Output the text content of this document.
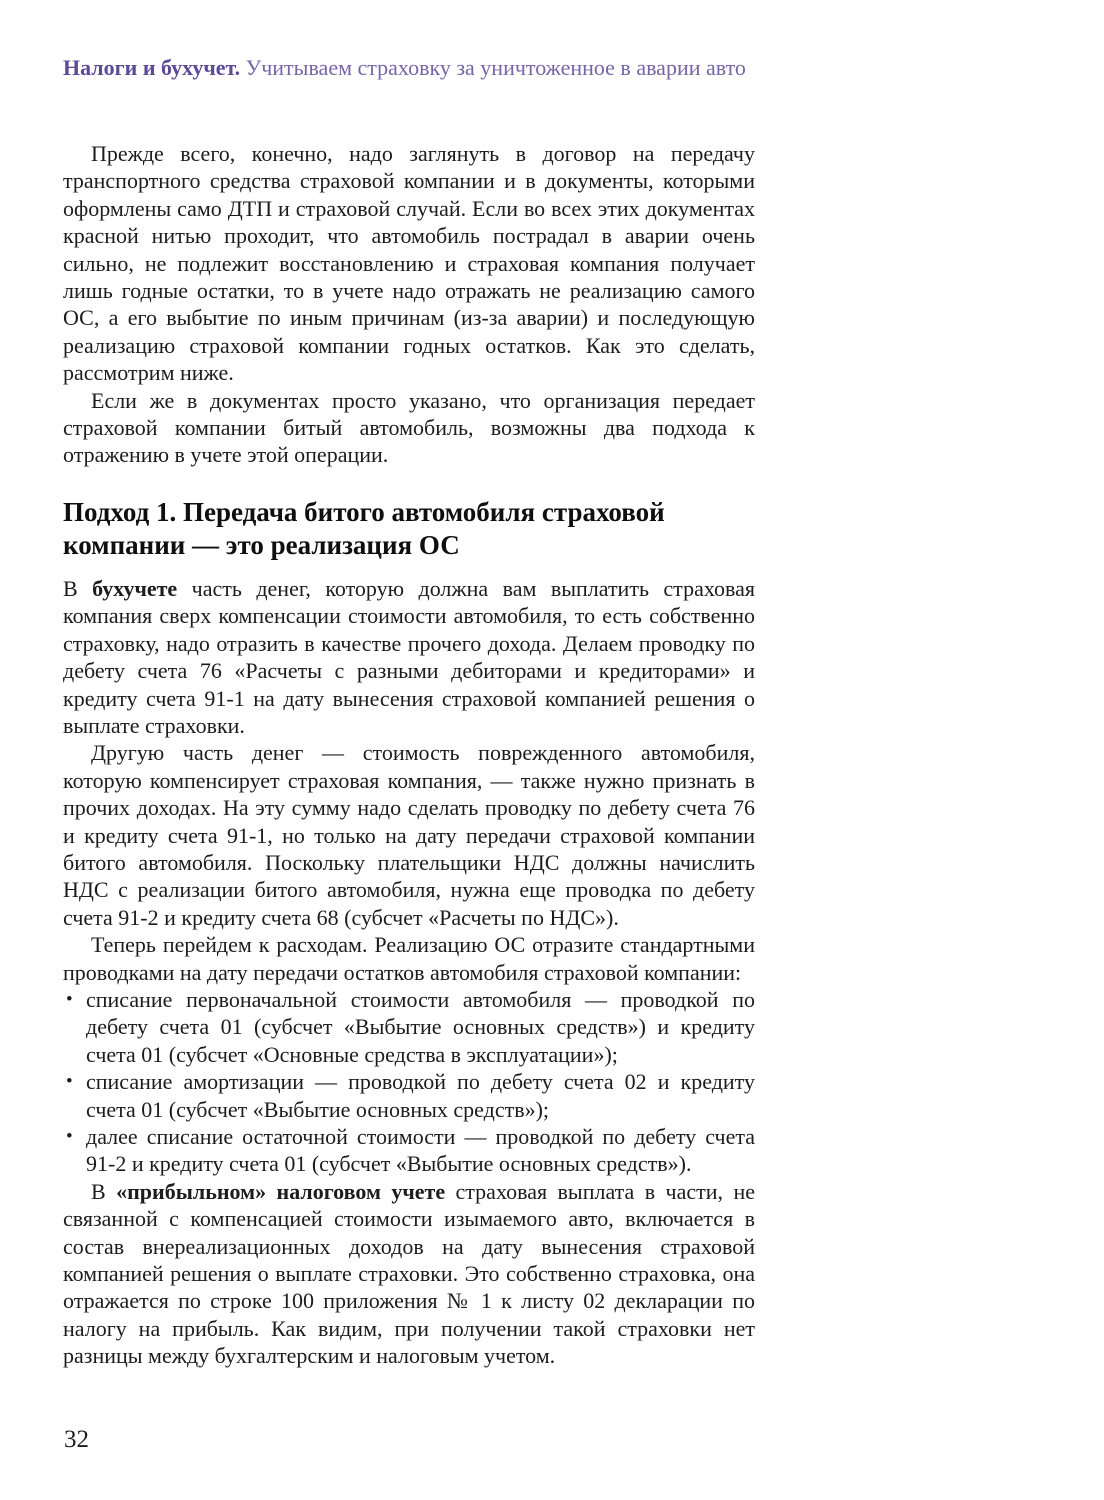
Налоги и бухучет. Учитываем страховку за уничтоженное в аварии авто

Прежде всего, конечно, надо заглянуть в договор на передачу транспортного средства страховой компании и в документы, которыми оформлены само ДТП и страховой случай. Если во всех этих документах красной нитью проходит, что автомобиль пострадал в аварии очень сильно, не подлежит восстановлению и страховая компания получает лишь годные остатки, то в учете надо отражать не реализацию самого ОС, а его выбытие по иным причинам (из-за аварии) и последующую реализацию страховой компании годных остатков. Как это сделать, рассмотрим ниже.

Если же в документах просто указано, что организация передает страховой компании битый автомобиль, возможны два подхода к отражению в учете этой операции.

Подход 1. Передача битого автомобиля страховой компании — это реализация ОС

В бухучете часть денег, которую должна вам выплатить страховая компания сверх компенсации стоимости автомобиля, то есть собственно страховку, надо отразить в качестве прочего дохода. Делаем проводку по дебету счета 76 «Расчеты с разными дебиторами и кредиторами» и кредиту счета 91-1 на дату вынесения страховой компанией решения о выплате страховки.

Другую часть денег — стоимость поврежденного автомобиля, которую компенсирует страховая компания, — также нужно признать в прочих доходах. На эту сумму надо сделать проводку по дебету счета 76 и кредиту счета 91-1, но только на дату передачи страховой компании битого автомобиля. Поскольку плательщики НДС должны начислить НДС с реализации битого автомобиля, нужна еще проводка по дебету счета 91-2 и кредиту счета 68 (субсчет «Расчеты по НДС»).

Теперь перейдем к расходам. Реализацию ОС отразите стандартными проводками на дату передачи остатков автомобиля страховой компании:

• списание первоначальной стоимости автомобиля — проводкой по дебету счета 01 (субсчет «Выбытие основных средств») и кредиту счета 01 (субсчет «Основные средства в эксплуатации»);
• списание амортизации — проводкой по дебету счета 02 и кредиту счета 01 (субсчет «Выбытие основных средств»);
• далее списание остаточной стоимости — проводкой по дебету счета 91-2 и кредиту счета 01 (субсчет «Выбытие основных средств»).

В «прибыльном» налоговом учете страховая выплата в части, не связанной с компенсацией стоимости изымаемого авто, включается в состав внереализационных доходов на дату вынесения страховой компанией решения о выплате страховки. Это собственно страховка, она отражается по строке 100 приложения № 1 к листу 02 декларации по налогу на прибыль. Как видим, при получении такой страховки нет разницы между бухгалтерским и налоговым учетом.

32
